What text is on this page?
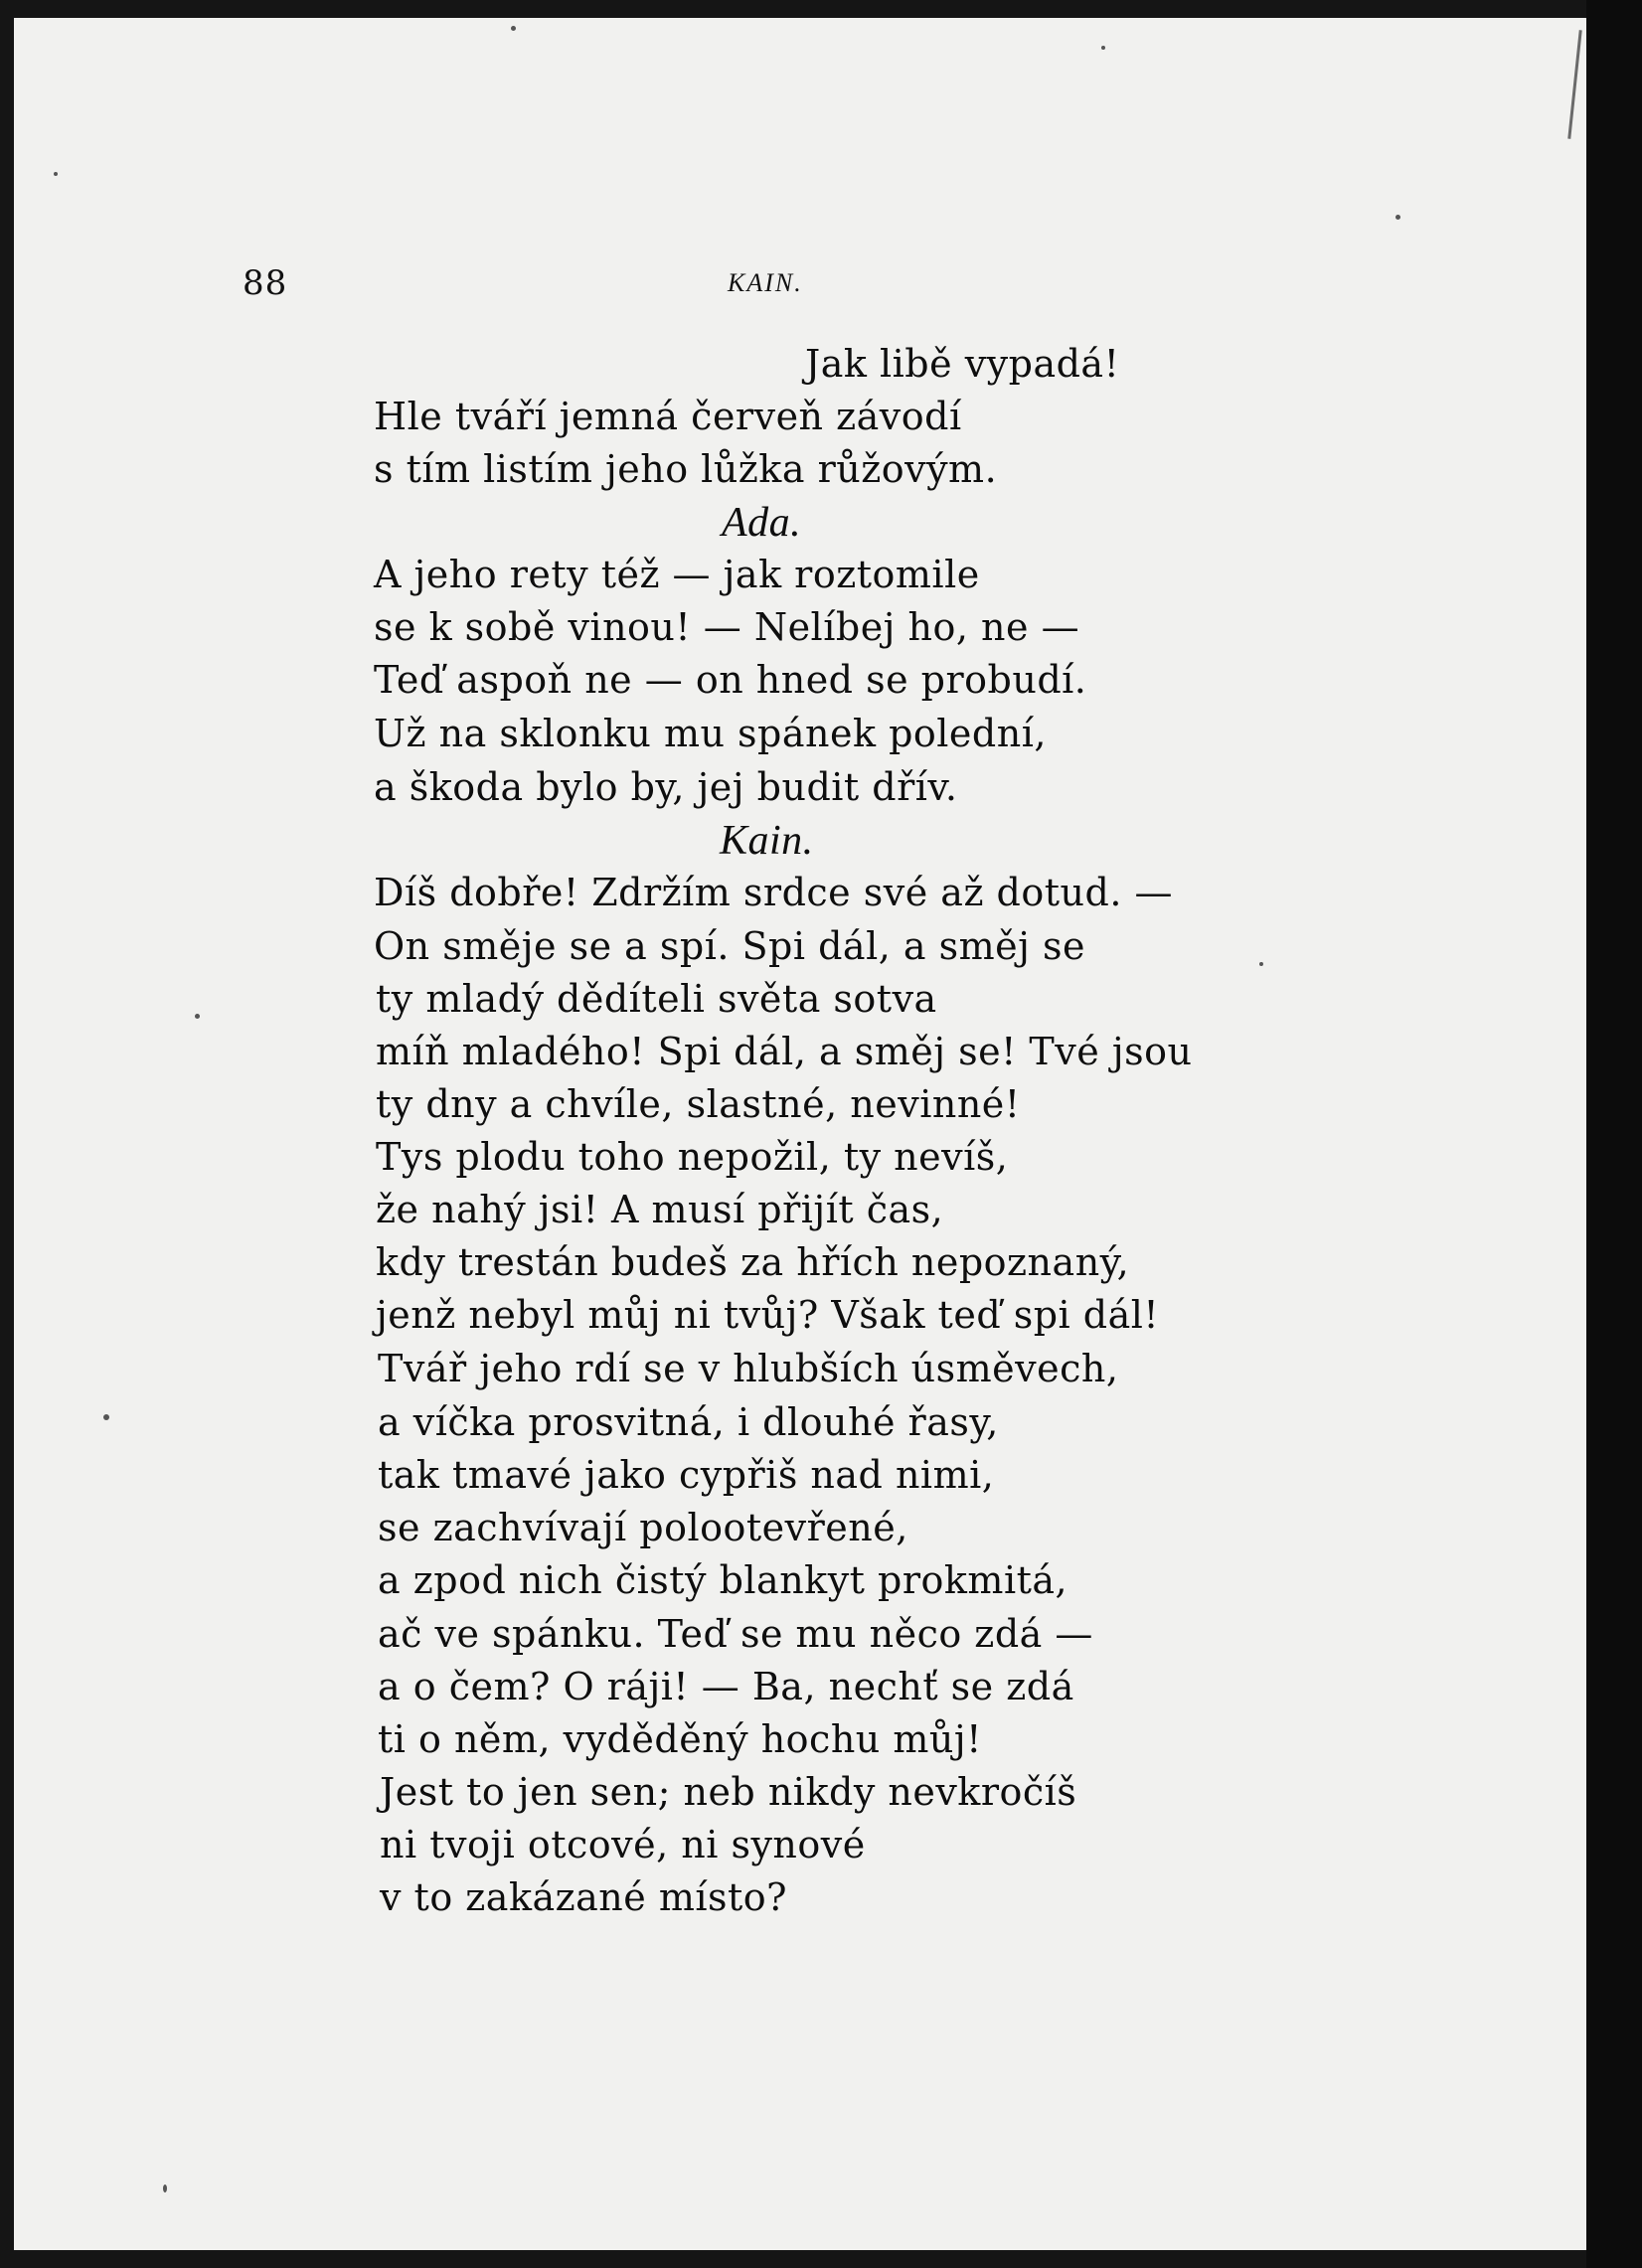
88	KAIN.
Jak libě vypadá!
Hle tváří jemná červeň závodí
s tím listím jeho lůžka růžovým.
Ada.
A jeho rety též — jak roztomile
se k sobě vinou! — Nelíbej ho, ne —
Teď aspoň ne — on hned se probudí.
Už na sklonku mu spánek polední,
a škoda bylo by, jej budit dřív.
Kain.
Díš dobře! Zdržím srdce své až dotud. —
On směje se a spí. Spi dál, a směj se
ty mladý dědíteli světa sotva
míň mladého! Spi dál, a směj se! Tvé jsou
ty dny a chvíle, slastné, nevinné!
Tys plodu toho nepožil, ty nevíš,
že nahý jsi! A musí přijít čas,
kdy trestán budeš za hřích nepoznaný,
jenž nebyl můj ni tvůj? Však teď spi dál!
Tvář jeho rdí se v hlubších úsměvech,
a víčka prosvitná, i dlouhé řasy,
tak tmavé jako cypřiš nad nimi,
se zachvívají polootevřené,
a zpod nich čistý blankyt prokmitá,
ač ve spánku. Teď se mu něco zdá —
a o čem? O ráji! — Ba, nechť se zdá
ti o něm, vyděděný hochu můj!
Jest to jen sen; neb nikdy nevkročíš
ni tvoji otcové, ni synové
v to zakázané místo?
